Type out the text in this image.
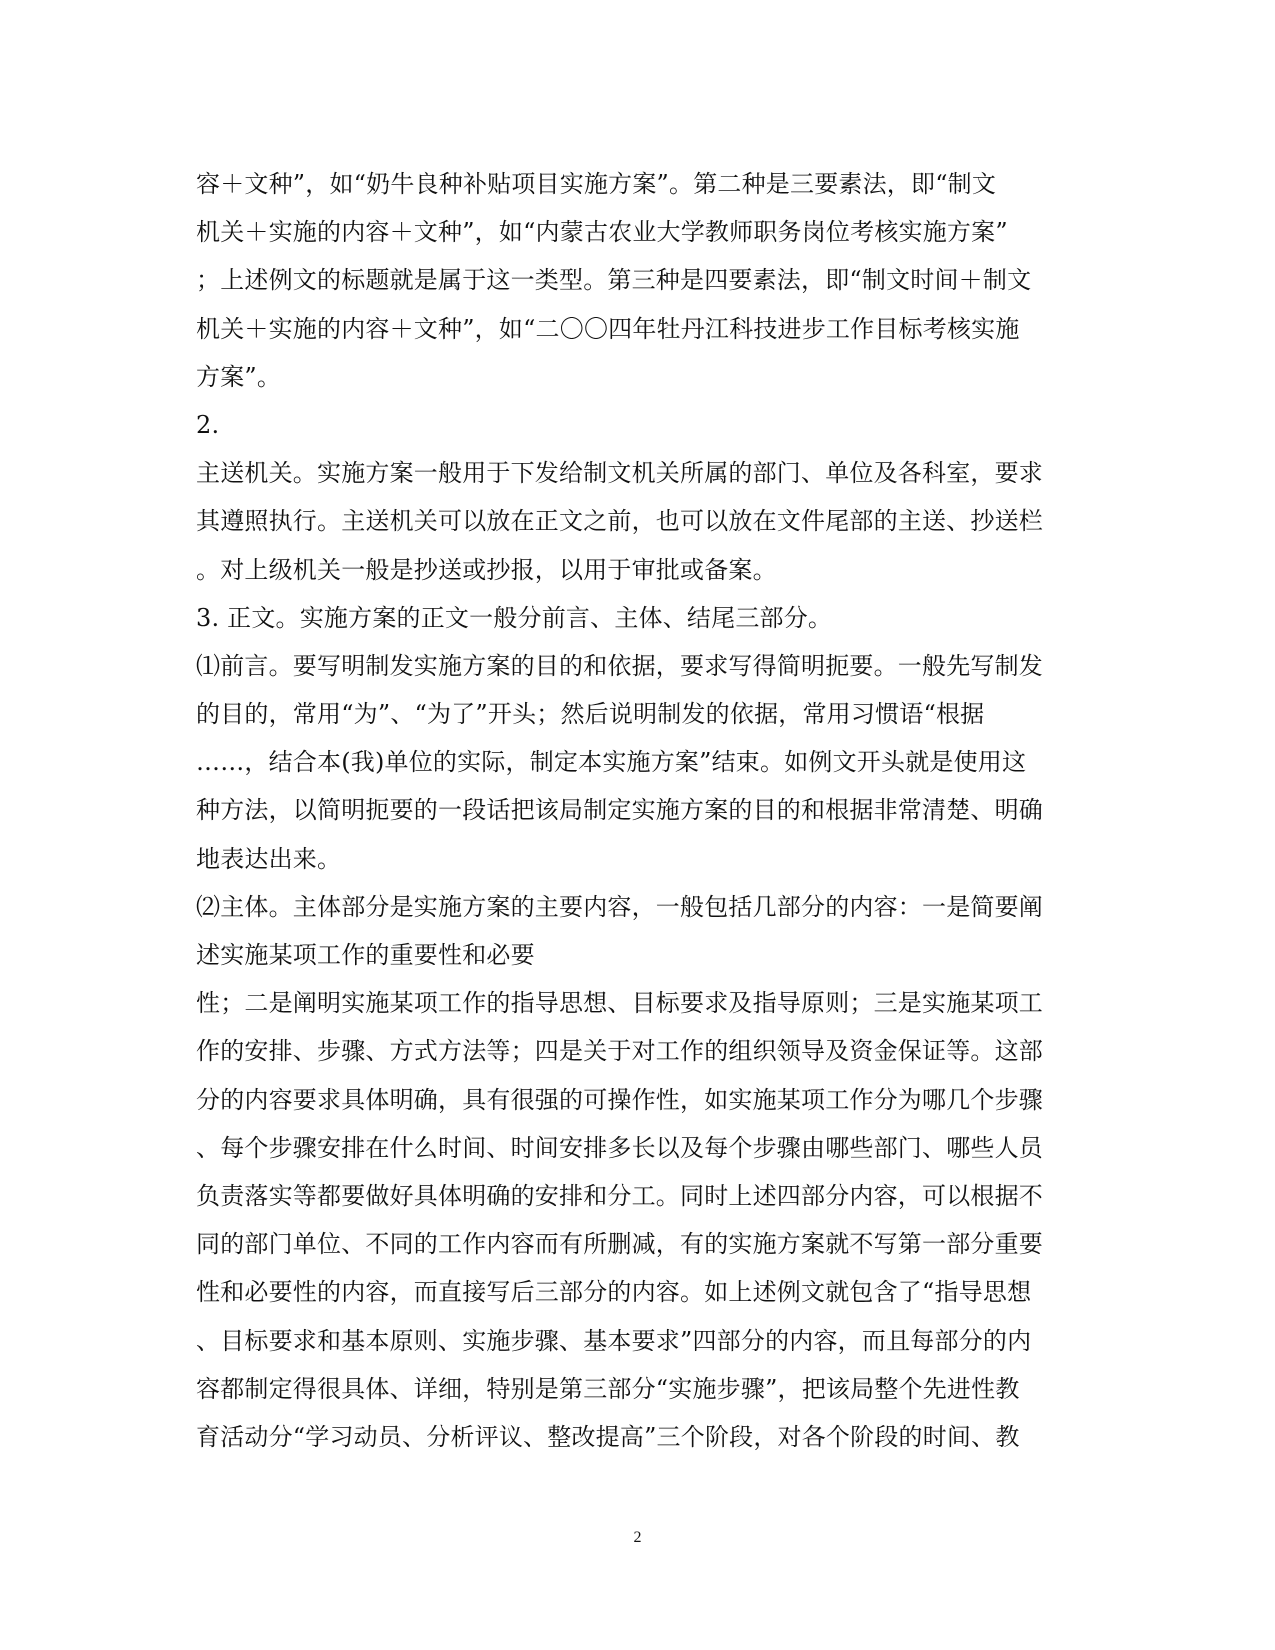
容＋文种”，如“奶牛良种补贴项目实施方案”。第二种是三要素法，即“制文
机关＋实施的内容＋文种”，如“内蒙古农业大学教师职务岗位考核实施方案”
；上述例文的标题就是属于这一类型。第三种是四要素法，即“制文时间＋制文
机关＋实施的内容＋文种”，如“二〇〇四年牡丹江科技进步工作目标考核实施
方案”。
2.
主送机关。实施方案一般用于下发给制文机关所属的部门、单位及各科室，要求
其遵照执行。主送机关可以放在正文之前，也可以放在文件尾部的主送、抄送栏
。对上级机关一般是抄送或抄报，以用于审批或备案。
3. 正文。实施方案的正文一般分前言、主体、结尾三部分。
⑴前言。要写明制发实施方案的目的和依据，要求写得简明扼要。一般先写制发
的目的，常用“为”、“为了”开头；然后说明制发的依据，常用习惯语“根据
……，结合本(我)单位的实际，制定本实施方案”结束。如例文开头就是使用这
种方法，以简明扼要的一段话把该局制定实施方案的目的和根据非常清楚、明确
地表达出来。
⑵主体。主体部分是实施方案的主要内容，一般包括几部分的内容：一是简要阐
述实施某项工作的重要性和必要
性；二是阐明实施某项工作的指导思想、目标要求及指导原则；三是实施某项工
作的安排、步骤、方式方法等；四是关于对工作的组织领导及资金保证等。这部
分的内容要求具体明确，具有很强的可操作性，如实施某项工作分为哪几个步骤
、每个步骤安排在什么时间、时间安排多长以及每个步骤由哪些部门、哪些人员
负责落实等都要做好具体明确的安排和分工。同时上述四部分内容，可以根据不
同的部门单位、不同的工作内容而有所删减，有的实施方案就不写第一部分重要
性和必要性的内容，而直接写后三部分的内容。如上述例文就包含了“指导思想
、目标要求和基本原则、实施步骤、基本要求”四部分的内容，而且每部分的内
容都制定得很具体、详细，特别是第三部分“实施步骤”，把该局整个先进性教
育活动分“学习动员、分析评议、整改提高”三个阶段，对各个阶段的时间、教
2
